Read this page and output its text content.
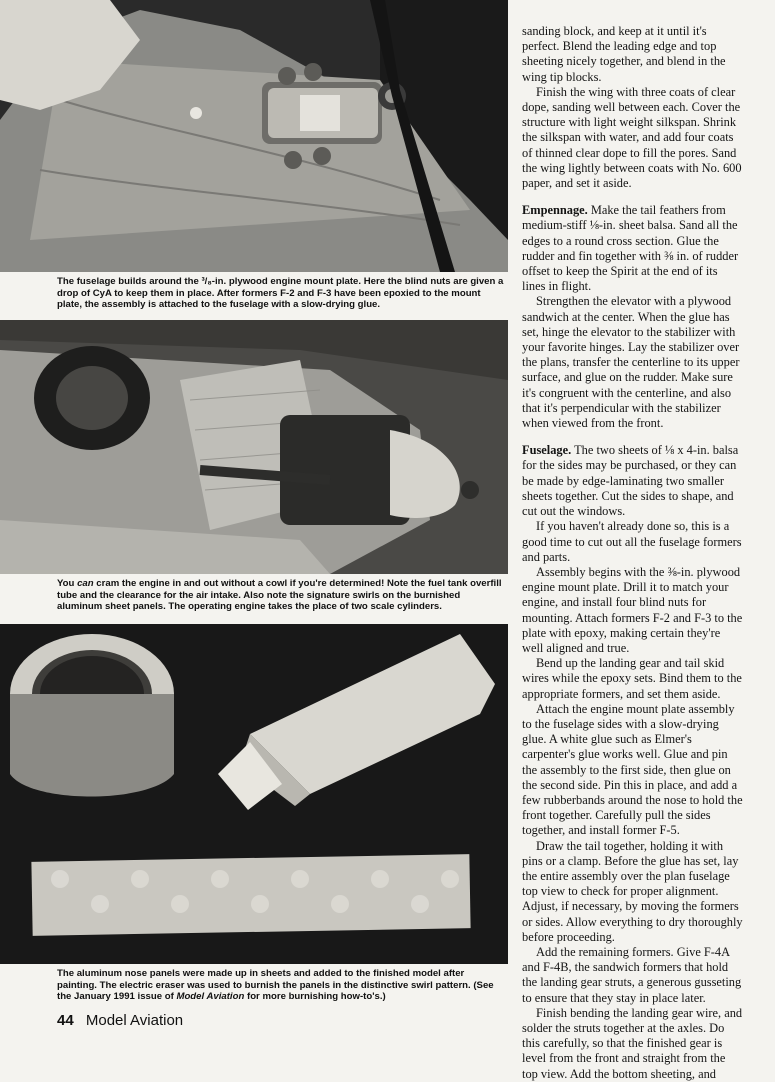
The fuselage builds around the ³/₈-in. plywood engine mount plate. Here the blind nuts are given a drop of CyA to keep them in place. After formers F-2 and F-3 have been epoxied to the mount plate, the assembly is attached to the fuselage with a slow-drying glue.
You can cram the engine in and out without a cowl if you're determined! Note the fuel tank overfill tube and the clearance for the air intake. Also note the signature swirls on the burnished aluminum sheet panels. The operating engine takes the place of two scale cylinders.
The aluminum nose panels were made up in sheets and added to the finished model after painting. The electric eraser was used to burnish the panels in the distinctive swirl pattern. (See the January 1991 issue of Model Aviation for more burnishing how-to's.)
44 Model Aviation

sanding block, and keep at it until it's perfect. Blend the leading edge and top sheeting nicely together, and blend in the wing tip blocks.

Finish the wing with three coats of clear dope, sanding well between each. Cover the structure with light weight silkspan. Shrink the silkspan with water, and add four coats of thinned clear dope to fill the pores. Sand the wing lightly between coats with No. 600 paper, and set it aside.

Empennage. Make the tail feathers from medium-stiff ⅛-in. sheet balsa. Sand all the edges to a round cross section. Glue the rudder and fin together with ⅜ in. of rudder offset to keep the Spirit at the end of its lines in flight.

Strengthen the elevator with a plywood sandwich at the center. When the glue has set, hinge the elevator to the stabilizer with your favorite hinges. Lay the stabilizer over the plans, transfer the centerline to its upper surface, and glue on the rudder. Make sure it's congruent with the centerline, and also that it's perpendicular with the stabilizer when viewed from the front.

Fuselage. The two sheets of ⅛ x 4-in. balsa for the sides may be purchased, or they can be made by edge-laminating two smaller sheets together. Cut the sides to shape, and cut out the windows.

If you haven't already done so, this is a good time to cut out all the fuselage formers and parts.

Assembly begins with the ⅜-in. plywood engine mount plate. Drill it to match your engine, and install four blind nuts for mounting. Attach formers F-2 and F-3 to the plate with epoxy, making certain they're well aligned and true.

Bend up the landing gear and tail skid wires while the epoxy sets. Bind them to the appropriate formers, and set them aside.

Attach the engine mount plate assembly to the fuselage sides with a slow-drying glue. A white glue such as Elmer's carpenter's glue works well. Glue and pin the assembly to the first side, then glue on the second side. Pin this in place, and add a few rubberbands around the nose to hold the front together. Carefully pull the sides together, and install former F-5.

Draw the tail together, holding it with pins or a clamp. Before the glue has set, lay the entire assembly over the plan fuselage top view to check for proper alignment. Adjust, if necessary, by moving the formers or sides. Allow everything to dry thoroughly before proceeding.

Add the remaining formers. Give F-4A and F-4B, the sandwich formers that hold the landing gear struts, a generous gusseting to ensure that they stay in place later.

Finish bending the landing gear wire, and solder the struts together at the axles. Do this carefully, so that the finished gear is level from the front and straight from the top view. Add the bottom sheeting, and
